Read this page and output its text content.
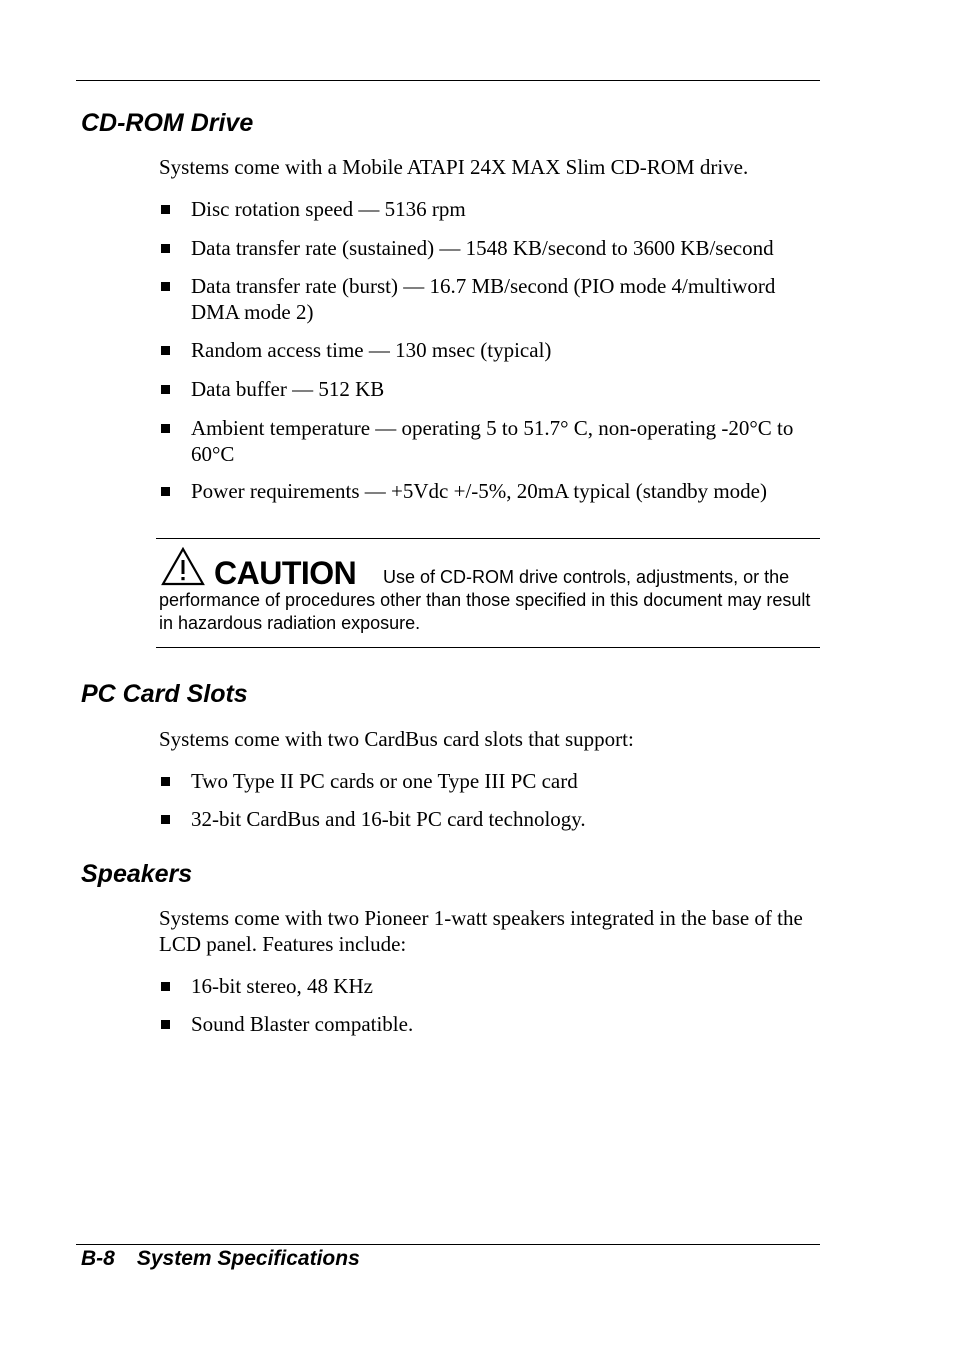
CD-ROM Drive

Systems come with a Mobile ATAPI 24X MAX Slim CD-ROM drive.

Disc rotation speed — 5136 rpm
Data transfer rate (sustained) — 1548 KB/second to 3600 KB/second
Data transfer rate (burst) — 16.7 MB/second (PIO mode 4/multiword DMA mode 2)
Random access time — 130 msec (typical)
Data buffer — 512 KB
Ambient temperature — operating 5 to 51.7° C, non-operating -20°C to 60°C
Power requirements — +5Vdc +/-5%, 20mA typical (standby mode)
CAUTION	Use of CD-ROM drive controls, adjustments, or the performance of procedures other than those specified in this document may result in hazardous radiation exposure.
PC Card Slots

Systems come with two CardBus card slots that support:

Two Type II PC cards or one Type III PC card
32-bit CardBus and 16-bit PC card technology.
Speakers

Systems come with two Pioneer 1-watt speakers integrated in the base of the LCD panel. Features include:

16-bit stereo, 48 KHz
Sound Blaster compatible.
B-8 System Specifications
